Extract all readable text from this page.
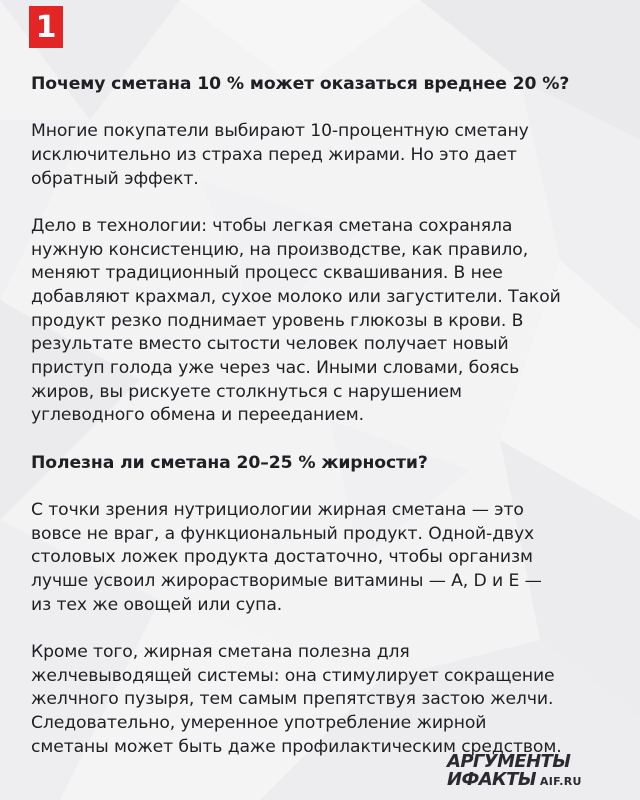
1

Почему сметана 10 % может оказаться вреднее 20 %?

Многие покупатели выбирают 10-процентную сметану
исключительно из страха перед жирами. Но это дает
обратный эффект.

Дело в технологии: чтобы легкая сметана сохраняла
нужную консистенцию, на производстве, как правило,
меняют традиционный процесс сквашивания. В нее
добавляют крахмал, сухое молоко или загустители. Такой
продукт резко поднимает уровень глюкозы в крови. В
результате вместо сытости человек получает новый
приступ голода уже через час. Иными словами, боясь
жиров, вы рискуете столкнуться с нарушением
углеводного обмена и перееданием.

Полезна ли сметана 20–25 % жирности?

С точки зрения нутрициологии жирная сметана — это
вовсе не враг, а функциональный продукт. Одной-двух
столовых ложек продукта достаточно, чтобы организм
лучше усвоил жирорастворимые витамины — А, D и Е —
из тех же овощей или супа.

Кроме того, жирная сметана полезна для
желчевыводящей системы: она стимулирует сокращение
желчного пузыря, тем самым препятствуя застою желчи.
Следовательно, умеренное употребление жирной
сметаны может быть даже профилактическим средством.

АРГУМЕНТЫ
ИФАКТЫ AIF.RU
